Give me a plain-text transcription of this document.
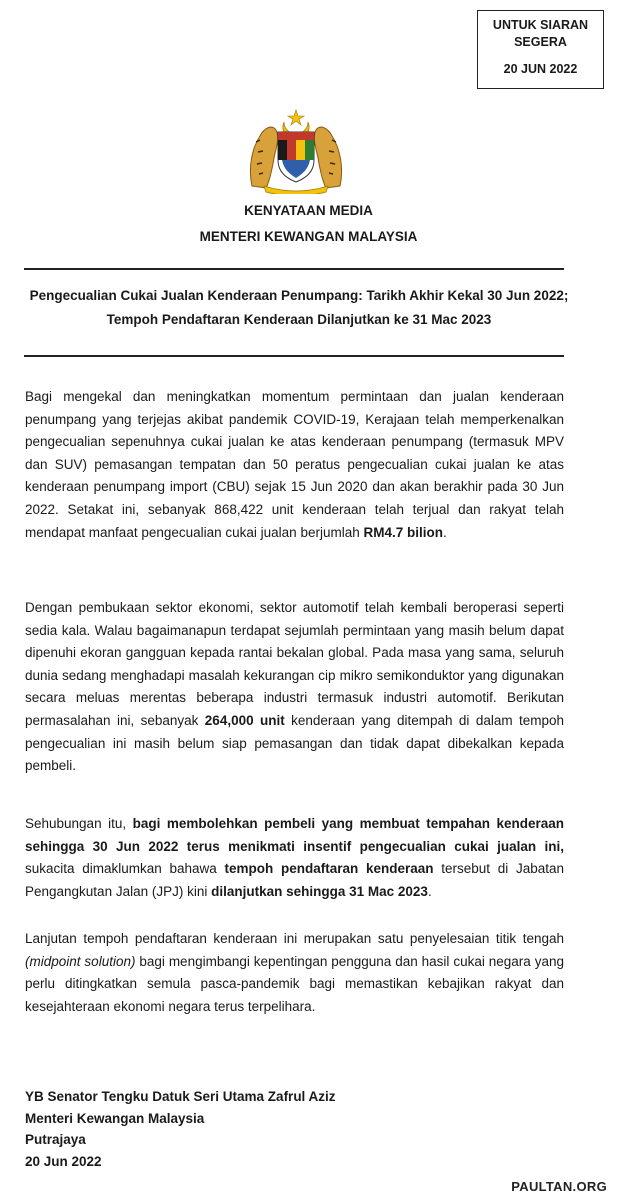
UNTUK SIARAN
SEGERA
20 JUN 2022
KENYATAAN MEDIA
MENTERI KEWANGAN MALAYSIA
Pengecualian Cukai Jualan Kenderaan Penumpang: Tarikh Akhir Kekal 30 Jun 2022; Tempoh Pendaftaran Kenderaan Dilanjutkan ke 31 Mac 2023

Bagi mengekal dan meningkatkan momentum permintaan dan jualan kenderaan penumpang yang terjejas akibat pandemik COVID-19, Kerajaan telah memperkenalkan pengecualian sepenuhnya cukai jualan ke atas kenderaan penumpang (termasuk MPV dan SUV) pemasangan tempatan dan 50 peratus pengecualian cukai jualan ke atas kenderaan penumpang import (CBU) sejak 15 Jun 2020 dan akan berakhir pada 30 Jun 2022. Setakat ini, sebanyak 868,422 unit kenderaan telah terjual dan rakyat telah mendapat manfaat pengecualian cukai jualan berjumlah RM4.7 bilion.

Dengan pembukaan sektor ekonomi, sektor automotif telah kembali beroperasi seperti sedia kala. Walau bagaimanapun terdapat sejumlah permintaan yang masih belum dapat dipenuhi ekoran gangguan kepada rantai bekalan global. Pada masa yang sama, seluruh dunia sedang menghadapi masalah kekurangan cip mikro semikonduktor yang digunakan secara meluas merentas beberapa industri termasuk industri automotif. Berikutan permasalahan ini, sebanyak 264,000 unit kenderaan yang ditempah di dalam tempoh pengecualian ini masih belum siap pemasangan dan tidak dapat dibekalkan kepada pembeli.

Sehubungan itu, bagi membolehkan pembeli yang membuat tempahan kenderaan sehingga 30 Jun 2022 terus menikmati insentif pengecualian cukai jualan ini, sukacita dimaklumkan bahawa tempoh pendaftaran kenderaan tersebut di Jabatan Pengangkutan Jalan (JPJ) kini dilanjutkan sehingga 31 Mac 2023.

Lanjutan tempoh pendaftaran kenderaan ini merupakan satu penyelesaian titik tengah (midpoint solution) bagi mengimbangi kepentingan pengguna dan hasil cukai negara yang perlu ditingkatkan semula pasca-pandemik bagi memastikan kebajikan rakyat dan kesejahteraan ekonomi negara terus terpelihara.

YB Senator Tengku Datuk Seri Utama Zafrul Aziz
Menteri Kewangan Malaysia
Putrajaya
20 Jun 2022
PAULTAN.ORG
